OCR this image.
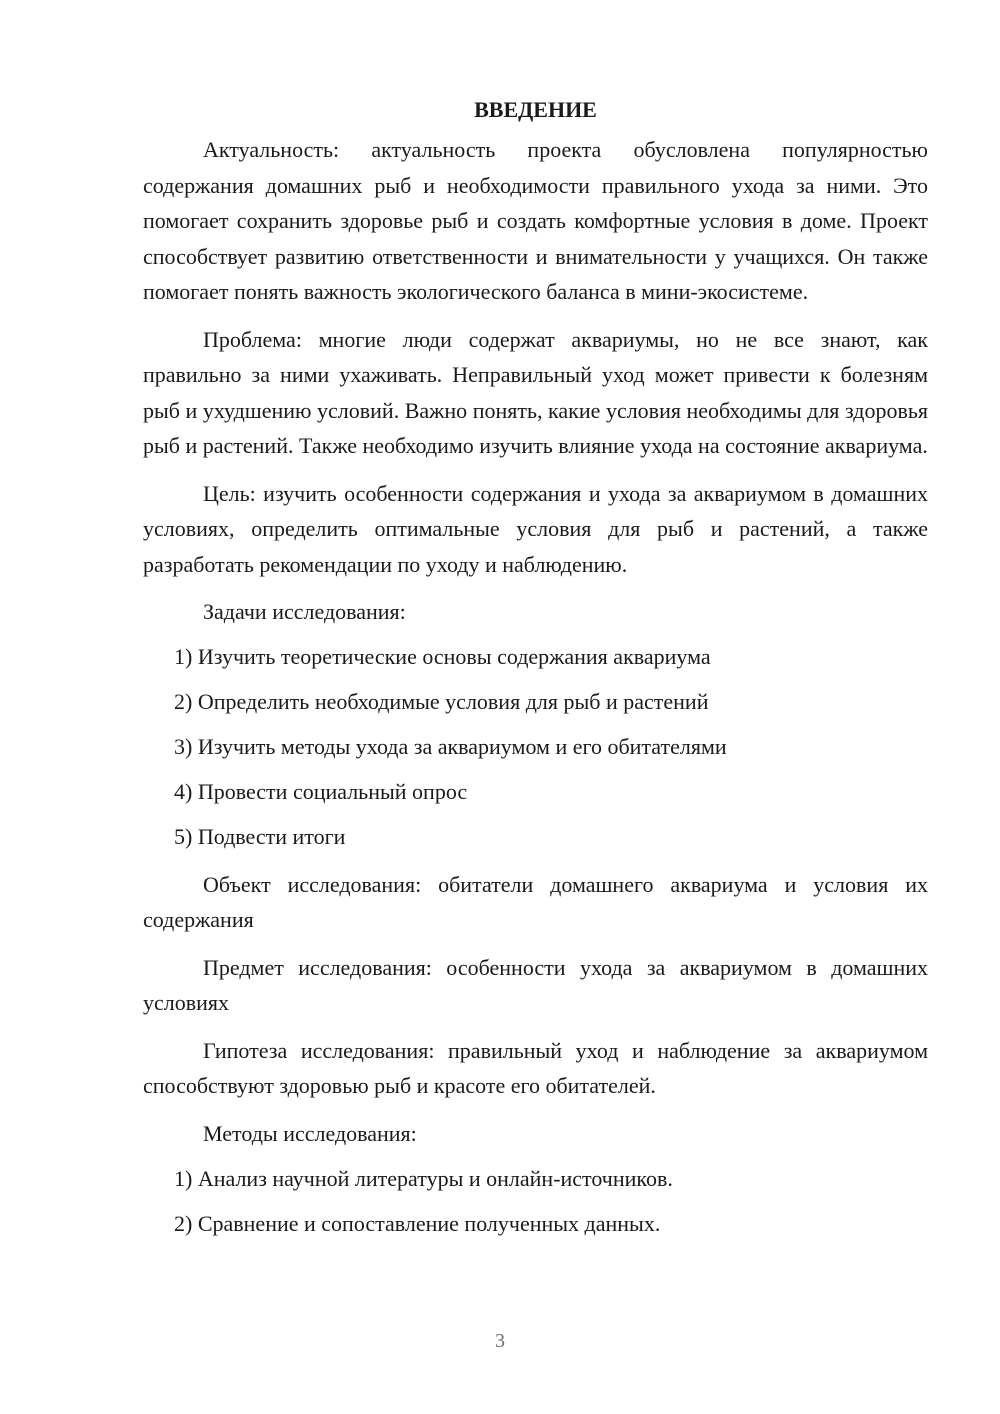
ВВЕДЕНИЕ

Актуальность: актуальность проекта обусловлена популярностью содержания домашних рыб и необходимости правильного ухода за ними. Это помогает сохранить здоровье рыб и создать комфортные условия в доме. Проект способствует развитию ответственности и внимательности у учащихся. Он также помогает понять важность экологического баланса в мини-экосистеме.

Проблема: многие люди содержат аквариумы, но не все знают, как правильно за ними ухаживать. Неправильный уход может привести к болезням рыб и ухудшению условий. Важно понять, какие условия необходимы для здоровья рыб и растений. Также необходимо изучить влияние ухода на состояние аквариума.

Цель: изучить особенности содержания и ухода за аквариумом в домашних условиях, определить оптимальные условия для рыб и растений, а также разработать рекомендации по уходу и наблюдению.

Задачи исследования:

1) Изучить теоретические основы содержания аквариума

2) Определить необходимые условия для рыб и растений

3) Изучить методы ухода за аквариумом и его обитателями

4) Провести социальный опрос

5) Подвести итоги

Объект исследования: обитатели домашнего аквариума и условия их содержания

Предмет исследования: особенности ухода за аквариумом в домашних условиях

Гипотеза исследования: правильный уход и наблюдение за аквариумом способствуют здоровью рыб и красоте его обитателей.

Методы исследования:

1) Анализ научной литературы и онлайн-источников.

2) Сравнение и сопоставление полученных данных.

3
